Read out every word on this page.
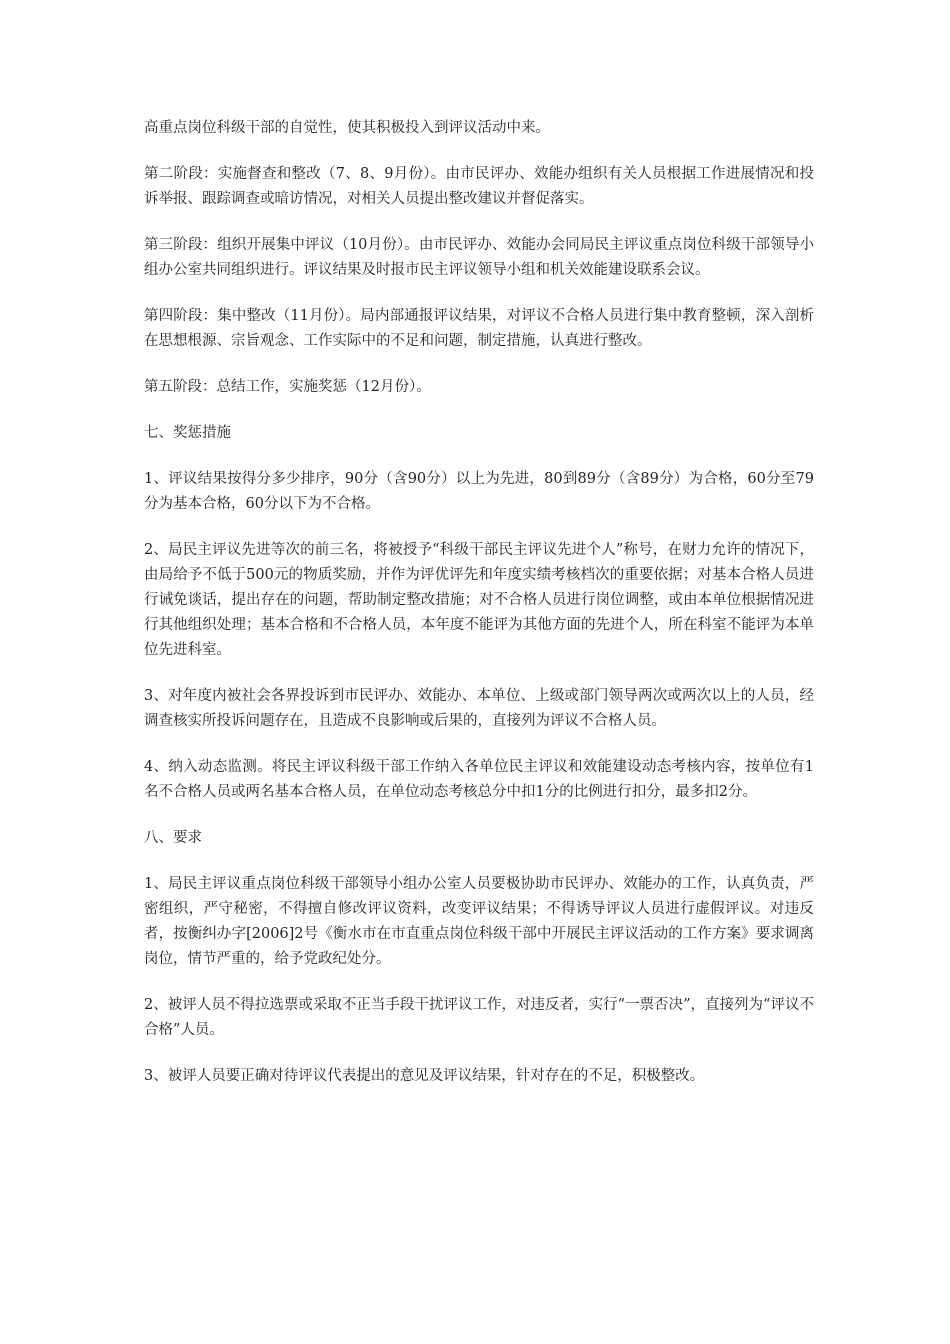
高重点岗位科级干部的自觉性，使其积极投入到评议活动中来。

第二阶段：实施督查和整改（7、8、9月份）。由市民评办、效能办组织有关人员根据工作进展情况和投诉举报、跟踪调查或暗访情况，对相关人员提出整改建议并督促落实。

第三阶段：组织开展集中评议（10月份）。由市民评办、效能办会同局民主评议重点岗位科级干部领导小组办公室共同组织进行。评议结果及时报市民主评议领导小组和机关效能建设联系会议。

第四阶段：集中整改（11月份）。局内部通报评议结果，对评议不合格人员进行集中教育整顿，深入剖析在思想根源、宗旨观念、工作实际中的不足和问题，制定措施，认真进行整改。

第五阶段：总结工作，实施奖惩（12月份）。

七、奖惩措施

1、评议结果按得分多少排序，90分（含90分）以上为先进，80到89分（含89分）为合格，60分至79分为基本合格，60分以下为不合格。

2、局民主评议先进等次的前三名，将被授予“科级干部民主评议先进个人”称号，在财力允许的情况下，由局给予不低于500元的物质奖励，并作为评优评先和年度实绩考核档次的重要依据；对基本合格人员进行诫免谈话，提出存在的问题，帮助制定整改措施；对不合格人员进行岗位调整，或由本单位根据情况进行其他组织处理；基本合格和不合格人员，本年度不能评为其他方面的先进个人，所在科室不能评为本单位先进科室。

3、对年度内被社会各界投诉到市民评办、效能办、本单位、上级或部门领导两次或两次以上的人员，经调查核实所投诉问题存在，且造成不良影响或后果的，直接列为评议不合格人员。

4、纳入动态监测。将民主评议科级干部工作纳入各单位民主评议和效能建设动态考核内容，按单位有1名不合格人员或两名基本合格人员，在单位动态考核总分中扣1分的比例进行扣分，最多扣2分。

八、要求

1、局民主评议重点岗位科级干部领导小组办公室人员要极协助市民评办、效能办的工作，认真负责，严密组织，严守秘密，不得擅自修改评议资料，改变评议结果；不得诱导评议人员进行虚假评议。对违反者，按衡纠办字[2006]2号《衡水市在市直重点岗位科级干部中开展民主评议活动的工作方案》要求调离岗位，情节严重的，给予党政纪处分。

2、被评人员不得拉选票或采取不正当手段干扰评议工作，对违反者，实行“一票否决”，直接列为“评议不合格”人员。

3、被评人员要正确对待评议代表提出的意见及评议结果，针对存在的不足，积极整改。
